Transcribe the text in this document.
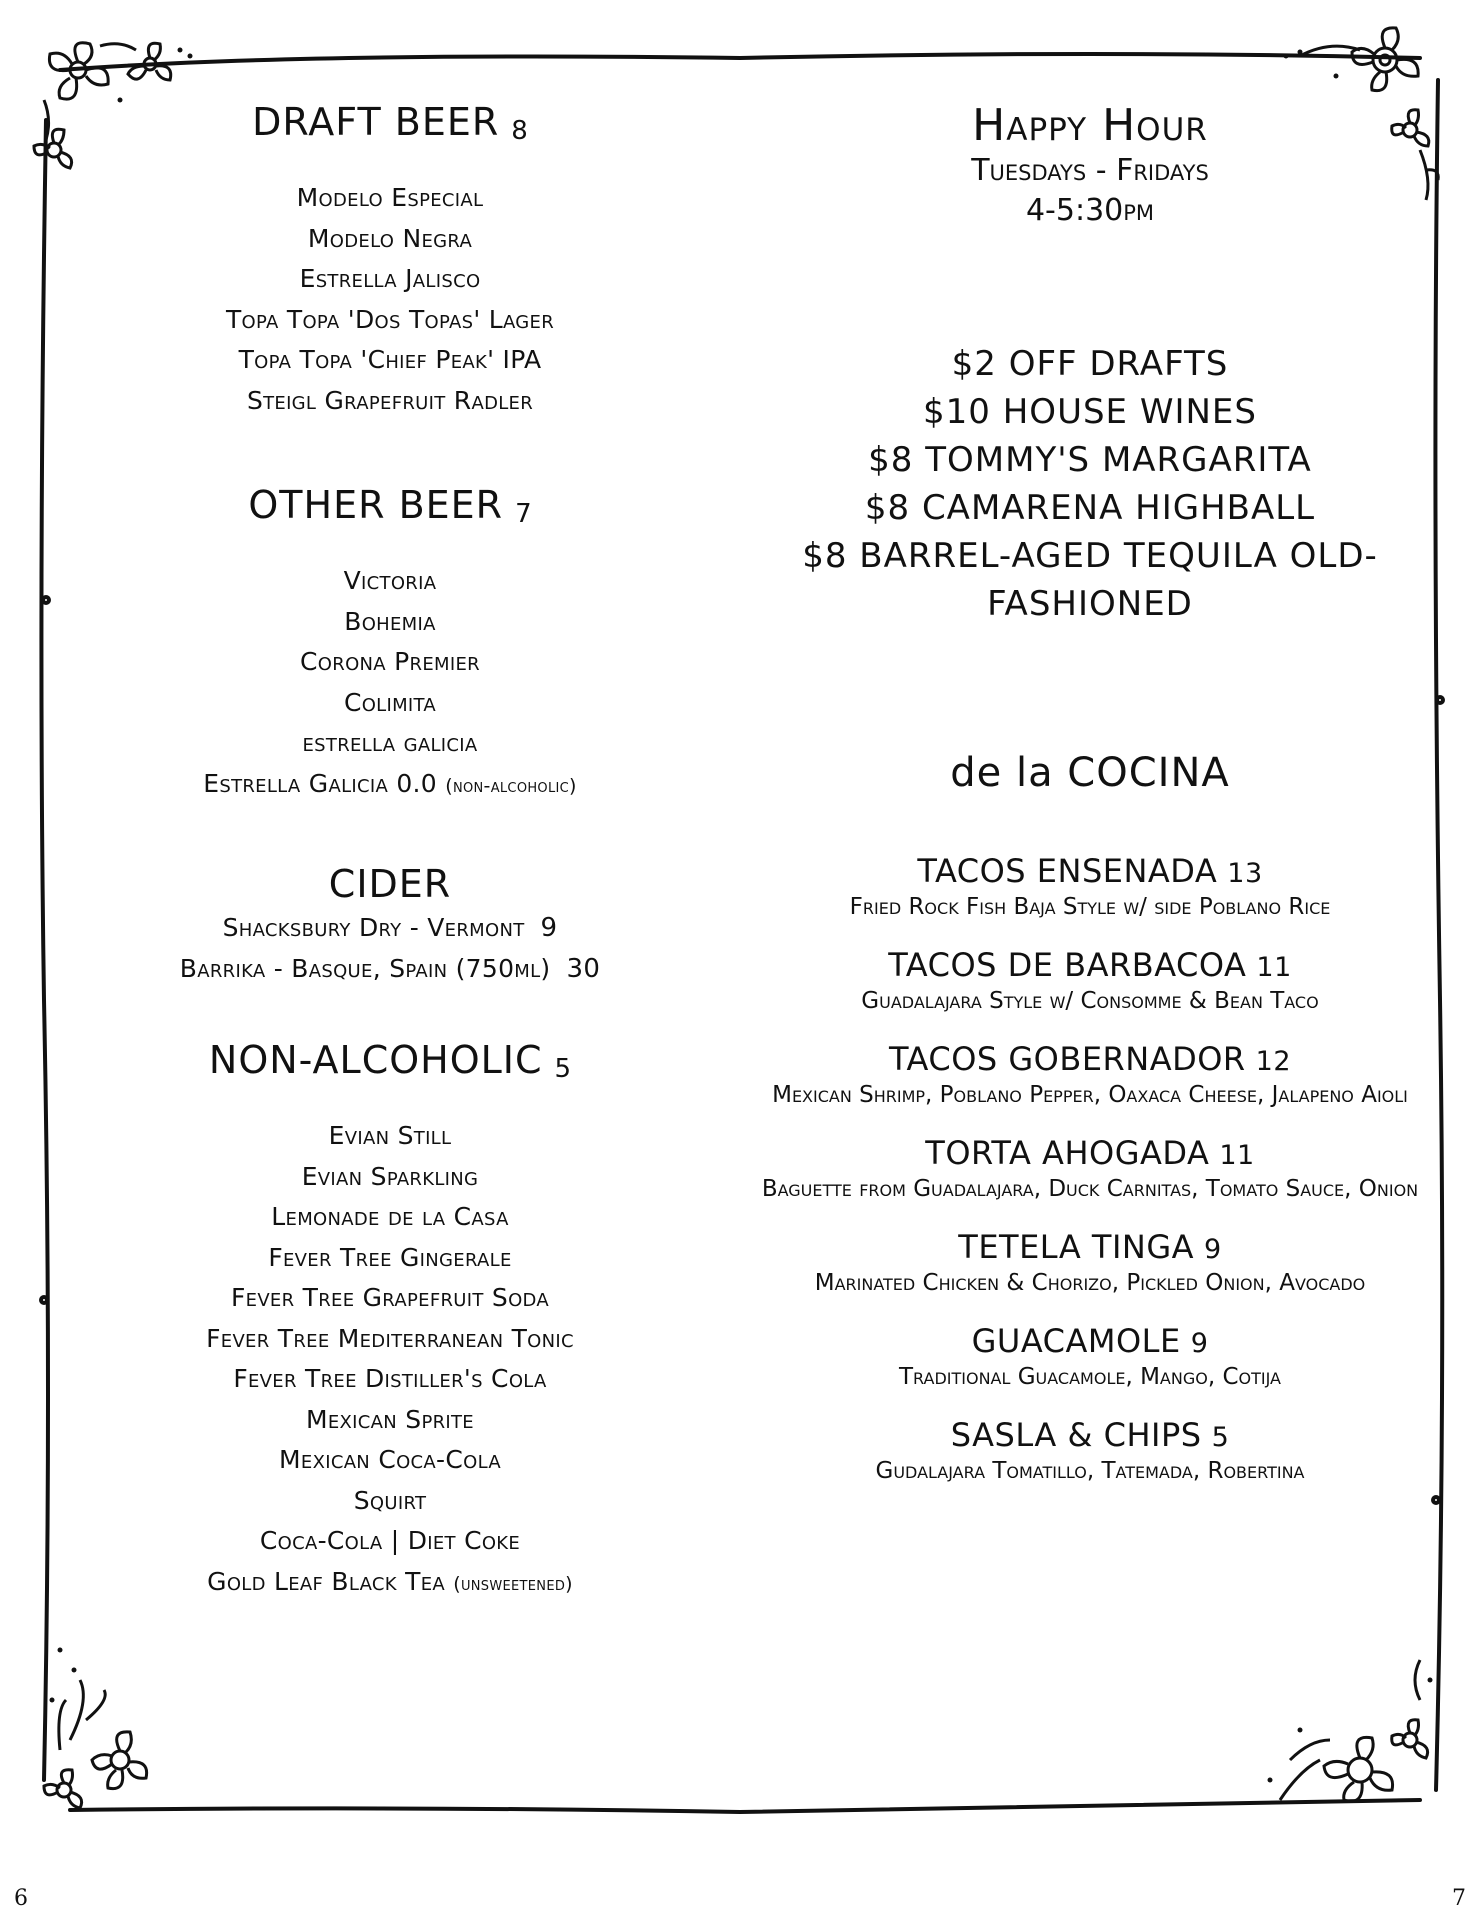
DRAFT BEER 8
Modelo Especial
Modelo Negra
Estrella Jalisco
Topa Topa 'Dos Topas' Lager
Topa Topa 'Chief Peak' IPA
Steigl Grapefruit Radler
OTHER BEER 7
Victoria
Bohemia
Corona Premier
Colimita
estrella galicia
Estrella Galicia 0.0 (non-alcoholic)
CIDER
Shacksbury Dry - Vermont 9
Barrika - Basque, Spain (750ml) 30
NON-ALCOHOLIC 5
Evian Still
Evian Sparkling
Lemonade de la Casa
Fever Tree Gingerale
Fever Tree Grapefruit Soda
Fever Tree Mediterranean Tonic
Fever Tree Distiller's Cola
Mexican Sprite
Mexican Coca-Cola
Squirt
Coca-Cola | Diet Coke
Gold Leaf Black Tea (unsweetened)
Happy Hour
Tuesdays - Fridays
4-5:30pm
$2 OFF DRAFTS
$10 HOUSE WINES
$8 TOMMY'S MARGARITA
$8 CAMARENA HIGHBALL
$8 BARREL-AGED TEQUILA OLD-FASHIONED
de la COCINA
TACOS ENSENADA 13
Fried Rock Fish Baja Style w/ side Poblano Rice
TACOS DE BARBACOA 11
Guadalajara Style w/ Consomme & Bean Taco
TACOS GOBERNADOR 12
Mexican Shrimp, Poblano Pepper, Oaxaca Cheese, Jalapeno Aioli
TORTA AHOGADA 11
Baguette from Guadalajara, Duck Carnitas, Tomato Sauce, Onion
TETELA TINGA 9
Marinated Chicken & Chorizo, Pickled Onion, Avocado
GUACAMOLE 9
Traditional Guacamole, Mango, Cotija
SASLA & CHIPS 5
Gudalajara Tomatillo, Tatemada, Robertina
6	7
